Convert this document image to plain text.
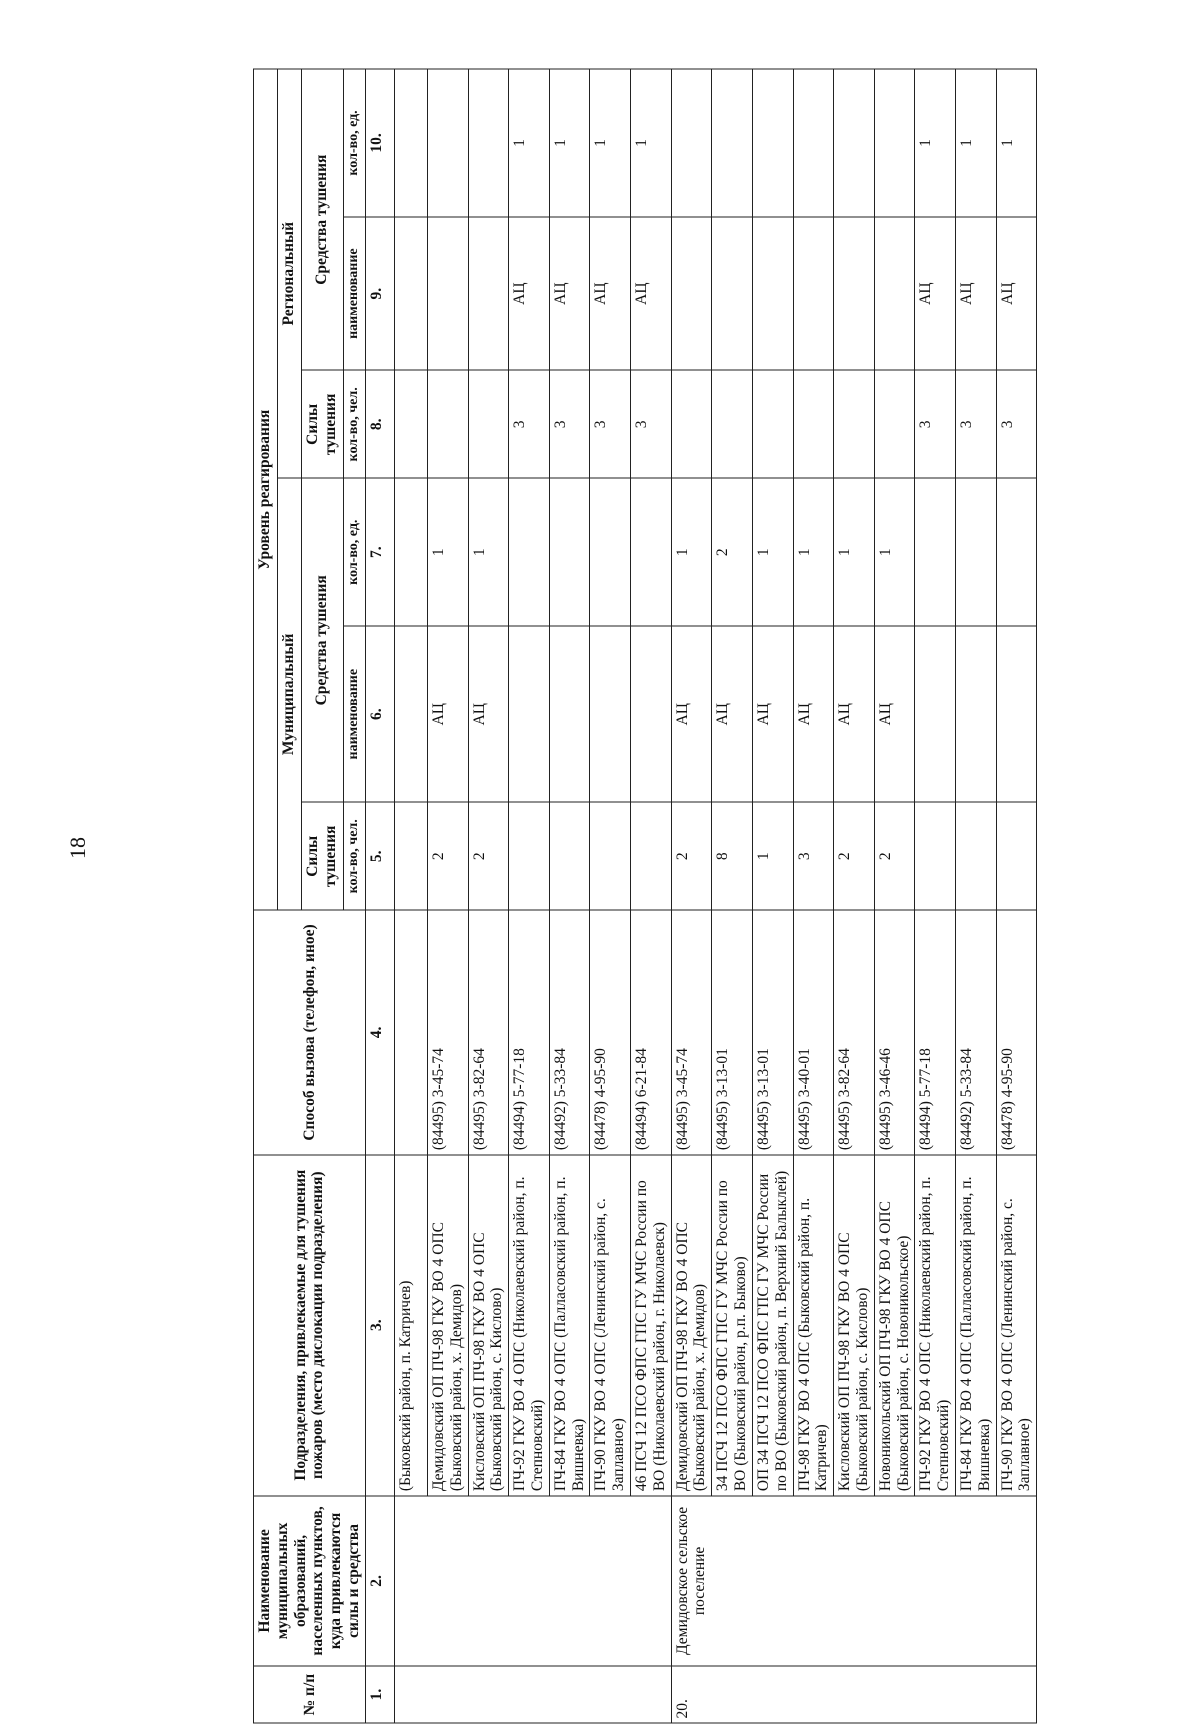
18
№ п/п	Наименование муниципальных образований, населенных пунктов, куда привлекаются силы и средства	Подразделения, привлекаемые для тушения пожаров (место дислокации подразделения)	Способ вызова (телефон, иное)	Уровень реагирования					
				Муниципальный			Региональный		
				Силы тушения	Средства тушения		Силы тушения	Средства тушения	
				кол-во, чел.	наименование	кол-во, ед.	кол-во, чел.	наименование	кол-во, ед.
1.	2.	3.	4.	5.	6.	7.	8.	9.	10.
		(Быковский район, п. Катричев)							
		Демидовский ОП ПЧ-98 ГКУ ВО 4 ОПС (Быковский район, х. Демидов)	(84495) 3-45-74	2	АЦ	1			
		Кисловский ОП ПЧ-98 ГКУ ВО 4 ОПС (Быковский район, с. Кислово)	(84495) 3-82-64	2	АЦ	1			
		ПЧ-92 ГКУ ВО 4 ОПС (Николаевский район, п. Степновский)	(84494) 5-77-18				3	АЦ	1
		ПЧ-84 ГКУ ВО 4 ОПС (Палласовский район, п. Вишневка)	(84492) 5-33-84				3	АЦ	1
		ПЧ-90 ГКУ ВО 4 ОПС (Ленинский район, с. Заплавное)	(84478) 4-95-90				3	АЦ	1
		46 ПСЧ 12 ПСО ФПС ГПС ГУ МЧС России по ВО (Николаевский район, г. Николаевск)	(84494) 6-21-84				3	АЦ	1
20.	Демидовское сельское поселение	Демидовский ОП ПЧ-98 ГКУ ВО 4 ОПС (Быковский район, х. Демидов)	(84495) 3-45-74	2	АЦ	1			
		34 ПСЧ 12 ПСО ФПС ГПС ГУ МЧС России по ВО (Быковский район, р.п. Быково)	(84495) 3-13-01	8	АЦ	2			
		ОП 34 ПСЧ 12 ПСО ФПС ГПС ГУ МЧС России по ВО (Быковский район, п. Верхний Балыклей)	(84495) 3-13-01	1	АЦ	1			
		ПЧ-98 ГКУ ВО 4 ОПС (Быковский район, п. Катричев)	(84495) 3-40-01	3	АЦ	1			
		Кисловский ОП ПЧ-98 ГКУ ВО 4 ОПС (Быковский район, с. Кислово)	(84495) 3-82-64	2	АЦ	1			
		Новоникольский ОП ПЧ-98 ГКУ ВО 4 ОПС (Быковский район, с. Новоникольское)	(84495) 3-46-46	2	АЦ	1			
		ПЧ-92 ГКУ ВО 4 ОПС (Николаевский район, п. Степновский)	(84494) 5-77-18				3	АЦ	1
		ПЧ-84 ГКУ ВО 4 ОПС (Палласовский район, п. Вишневка)	(84492) 5-33-84				3	АЦ	1
		ПЧ-90 ГКУ ВО 4 ОПС (Ленинский район, с. Заплавное)	(84478) 4-95-90				3	АЦ	1
